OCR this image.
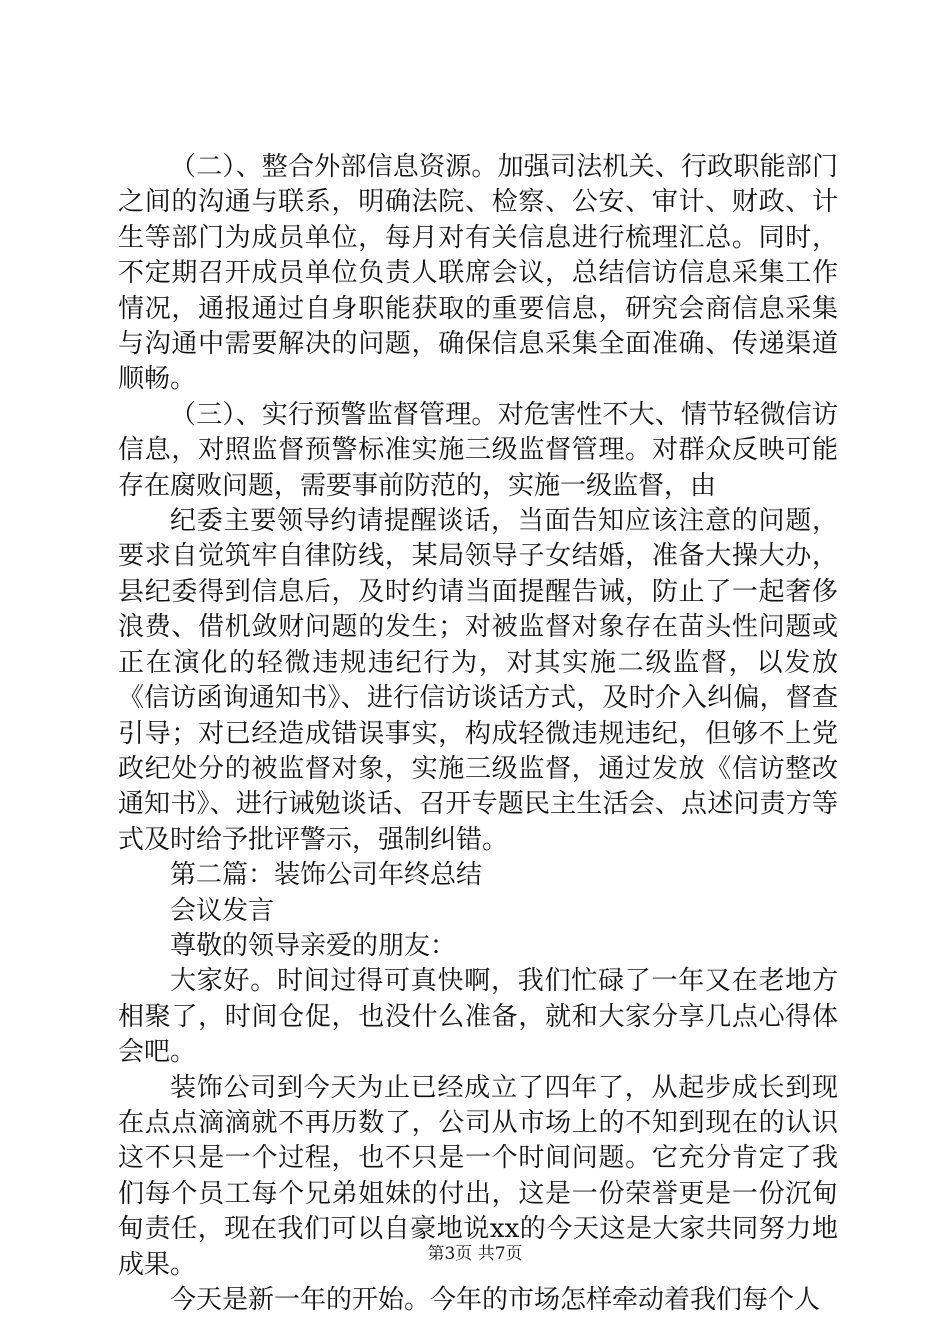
（二）、整合外部信息资源。加强司法机关、行政职能部门之间的沟通与联系，明确法院、检察、公安、审计、财政、计生等部门为成员单位，每月对有关信息进行梳理汇总。同时，不定期召开成员单位负责人联席会议，总结信访信息采集工作情况，通报通过自身职能获取的重要信息，研究会商信息采集与沟通中需要解决的问题，确保信息采集全面准确、传递渠道顺畅。

（三）、实行预警监督管理。对危害性不大、情节轻微信访信息，对照监督预警标准实施三级监督管理。对群众反映可能存在腐败问题，需要事前防范的，实施一级监督，由

纪委主要领导约请提醒谈话，当面告知应该注意的问题，要求自觉筑牢自律防线，某局领导子女结婚，准备大操大办，县纪委得到信息后，及时约请当面提醒告诫，防止了一起奢侈浪费、借机敛财问题的发生；对被监督对象存在苗头性问题或正在演化的轻微违规违纪行为，对其实施二级监督，以发放《信访函询通知书》、进行信访谈话方式，及时介入纠偏，督查引导；对已经造成错误事实，构成轻微违规违纪，但够不上党政纪处分的被监督对象，实施三级监督，通过发放《信访整改通知书》、进行诫勉谈话、召开专题民主生活会、点述问责方等式及时给予批评警示，强制纠错。

第二篇：装饰公司年终总结

会议发言

尊敬的领导亲爱的朋友：

大家好。时间过得可真快啊，我们忙碌了一年又在老地方相聚了，时间仓促，也没什么准备，就和大家分享几点心得体会吧。

装饰公司到今天为止已经成立了四年了，从起步成长到现在点点滴滴就不再历数了，公司从市场上的不知到现在的认识这不只是一个过程，也不只是一个时间问题。它充分肯定了我们每个员工每个兄弟姐妹的付出，这是一份荣誉更是一份沉甸甸责任，现在我们可以自豪地说xx的今天这是大家共同努力地成果。

今天是新一年的开始。今年的市场怎样牵动着我们每个人

第3页 共7页
